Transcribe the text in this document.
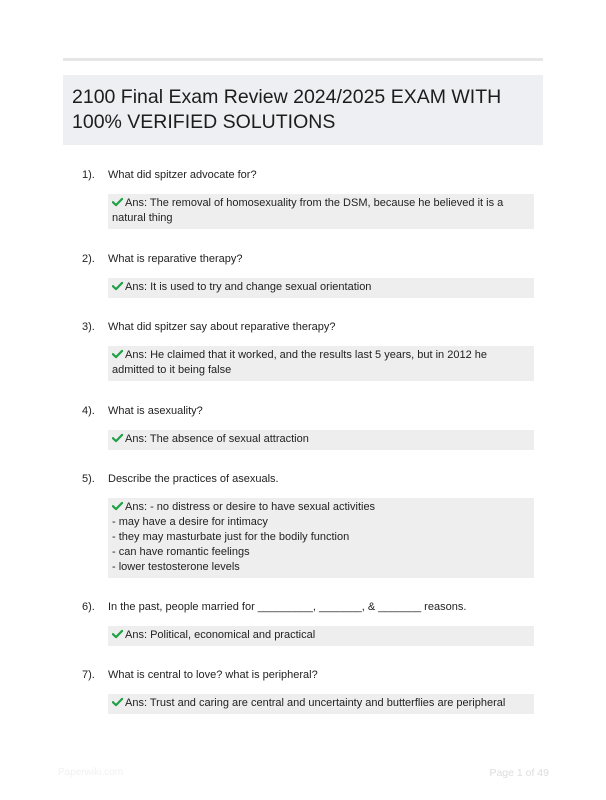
2100 Final Exam Review 2024/2025 EXAM WITH 100% VERIFIED SOLUTIONS
1). What did spitzer advocate for?
Ans: The removal of homosexuality from the DSM, because he believed it is a natural thing
2). What is reparative therapy?
Ans: It is used to try and change sexual orientation
3). What did spitzer say about reparative therapy?
Ans: He claimed that it worked, and the results last 5 years, but in 2012 he admitted to it being false
4). What is asexuality?
Ans: The absence of sexual attraction
5). Describe the practices of asexuals.
Ans: - no distress or desire to have sexual activities
- may have a desire for intimacy
- they may masturbate just for the bodily function
- can have romantic feelings
- lower testosterone levels
6). In the past, people married for _________, _______, & _______ reasons.
Ans: Political, economical and practical
7). What is central to love? what is peripheral?
Ans: Trust and caring are central and uncertainty and butterflies are peripheral
Paperwiki.com	Page 1 of 49
